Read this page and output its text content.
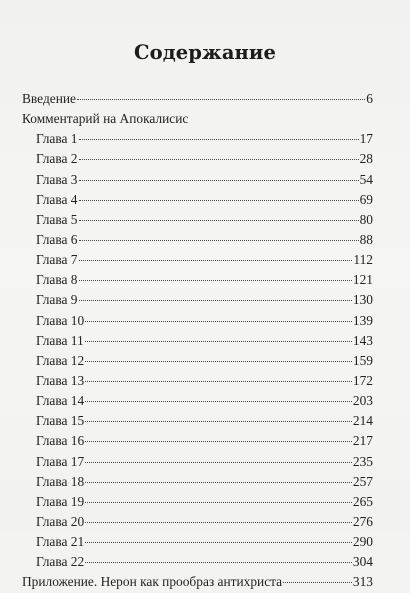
Содержание
Введение	6
Комментарий на Апокалисис
Глава 1	17
Глава 2	28
Глава 3	54
Глава 4	69
Глава 5	80
Глава 6	88
Глава 7	112
Глава 8	121
Глава 9	130
Глава 10	139
Глава 11	143
Глава 12	159
Глава 13	172
Глава 14	203
Глава 15	214
Глава 16	217
Глава 17	235
Глава 18	257
Глава 19	265
Глава 20	276
Глава 21	290
Глава 22	304
Приложение. Нерон как прообраз антихриста	313
